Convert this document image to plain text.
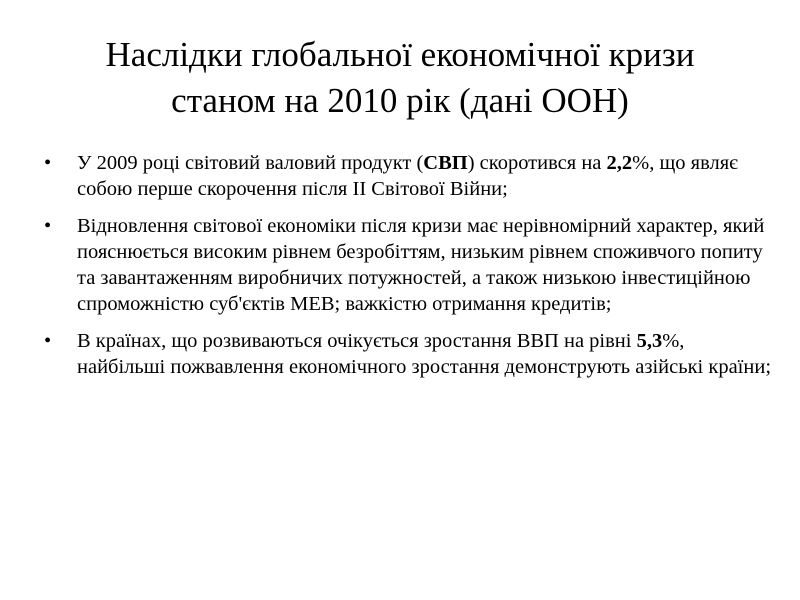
Наслідки глобальної економічної кризи
станом на 2010 рік (дані ООН)
•	У 2009 році світовий валовий продукт (СВП) скоротився на 2,2%, що являє собою перше скорочення після ІІ Світової Війни;
•	Відновлення світової економіки після кризи має нерівномірний характер, який пояснюється високим рівнем безробіттям, низьким рівнем споживчого попиту та завантаженням виробничих потужностей, а також низькою інвестиційною спроможністю суб'єктів МЕВ; важкістю отримання кредитів;
•	В країнах, що розвиваються очікується зростання ВВП на рівні 5,3%, найбільші пожвавлення економічного зростання демонструють азійські країни;
